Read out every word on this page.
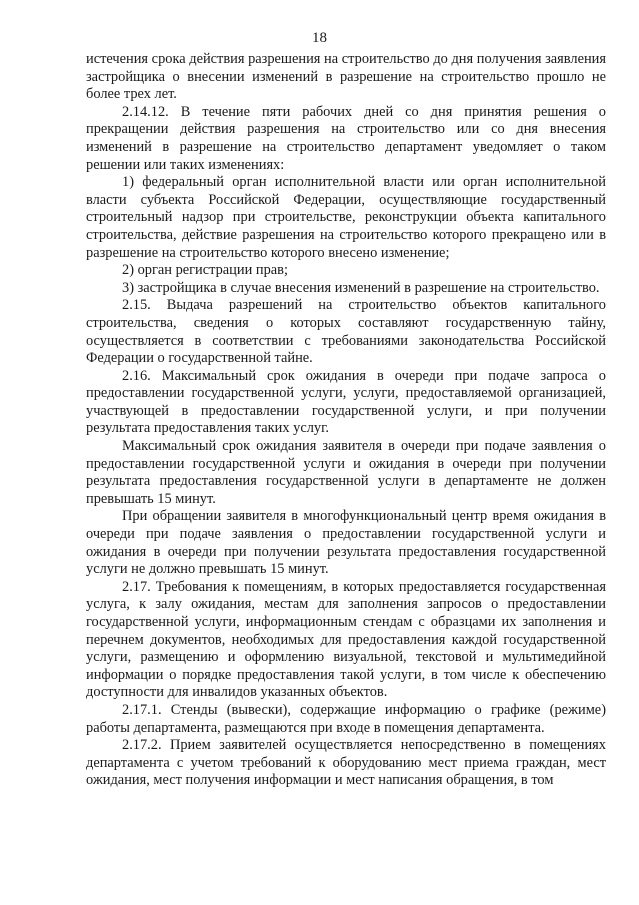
18

истечения срока действия разрешения на строительство до дня получения заявления застройщика о внесении изменений в разрешение на строительство прошло не более трех лет.

2.14.12. В течение пяти рабочих дней со дня принятия решения о прекращении действия разрешения на строительство или со дня внесения изменений в разрешение на строительство департамент уведомляет о таком решении или таких изменениях:

1) федеральный орган исполнительной власти или орган исполнительной власти субъекта Российской Федерации, осуществляющие государственный строительный надзор при строительстве, реконструкции объекта капитального строительства, действие разрешения на строительство которого прекращено или в разрешение на строительство которого внесено изменение;

2) орган регистрации прав;

3) застройщика в случае внесения изменений в разрешение на строительство.

2.15. Выдача разрешений на строительство объектов капитального строительства, сведения о которых составляют государственную тайну, осуществляется в соответствии с требованиями законодательства Российской Федерации о государственной тайне.

2.16. Максимальный срок ожидания в очереди при подаче запроса о предоставлении государственной услуги, услуги, предоставляемой организацией, участвующей в предоставлении государственной услуги, и при получении результата предоставления таких услуг.

Максимальный срок ожидания заявителя в очереди при подаче заявления о предоставлении государственной услуги и ожидания в очереди при получении результата предоставления государственной услуги в департаменте не должен превышать 15 минут.

При обращении заявителя в многофункциональный центр время ожидания в очереди при подаче заявления о предоставлении государственной услуги и ожидания в очереди при получении результата предоставления государственной услуги не должно превышать 15 минут.

2.17. Требования к помещениям, в которых предоставляется государственная услуга, к залу ожидания, местам для заполнения запросов о предоставлении государственной услуги, информационным стендам с образцами их заполнения и перечнем документов, необходимых для предоставления каждой государственной услуги, размещению и оформлению визуальной, текстовой и мультимедийной информации о порядке предоставления такой услуги, в том числе к обеспечению доступности для инвалидов указанных объектов.

2.17.1. Стенды (вывески), содержащие информацию о графике (режиме) работы департамента, размещаются при входе в помещения департамента.

2.17.2. Прием заявителей осуществляется непосредственно в помещениях департамента с учетом требований к оборудованию мест приема граждан, мест ожидания, мест получения информации и мест написания обращения, в том
